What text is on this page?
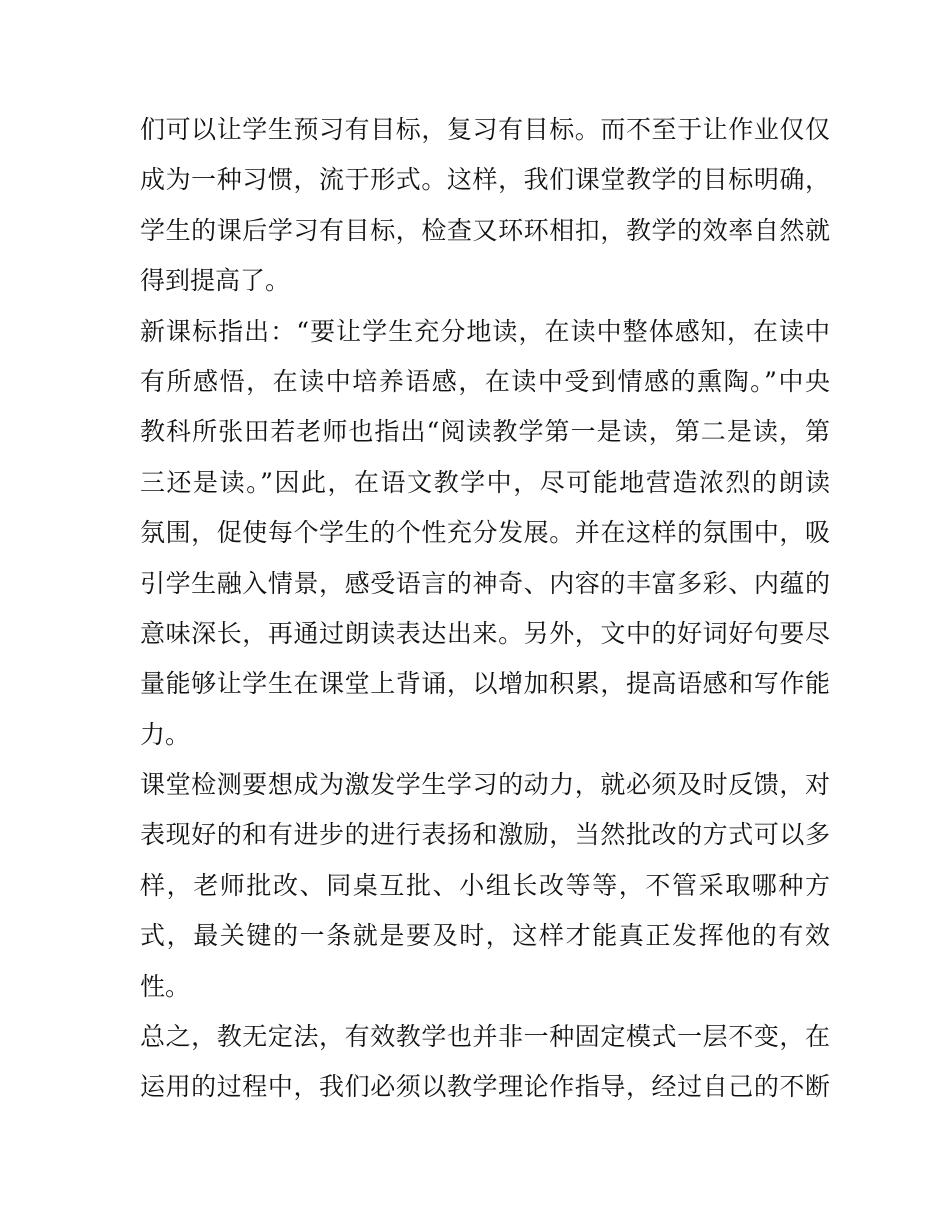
们可以让学生预习有目标，复习有目标。而不至于让作业仅仅
成为一种习惯，流于形式。这样，我们课堂教学的目标明确，
学生的课后学习有目标，检查又环环相扣，教学的效率自然就
得到提高了。
新课标指出：“要让学生充分地读，在读中整体感知，在读中
有所感悟，在读中培养语感，在读中受到情感的熏陶。”中央
教科所张田若老师也指出“阅读教学第一是读，第二是读，第
三还是读。”因此，在语文教学中，尽可能地营造浓烈的朗读
氛围，促使每个学生的个性充分发展。并在这样的氛围中，吸
引学生融入情景，感受语言的神奇、内容的丰富多彩、内蕴的
意味深长，再通过朗读表达出来。另外，文中的好词好句要尽
量能够让学生在课堂上背诵，以增加积累，提高语感和写作能
力。
课堂检测要想成为激发学生学习的动力，就必须及时反馈，对
表现好的和有进步的进行表扬和激励，当然批改的方式可以多
样，老师批改、同桌互批、小组长改等等，不管采取哪种方
式，最关键的一条就是要及时，这样才能真正发挥他的有效
性。
总之，教无定法，有效教学也并非一种固定模式一层不变，在
运用的过程中，我们必须以教学理论作指导，经过自己的不断
